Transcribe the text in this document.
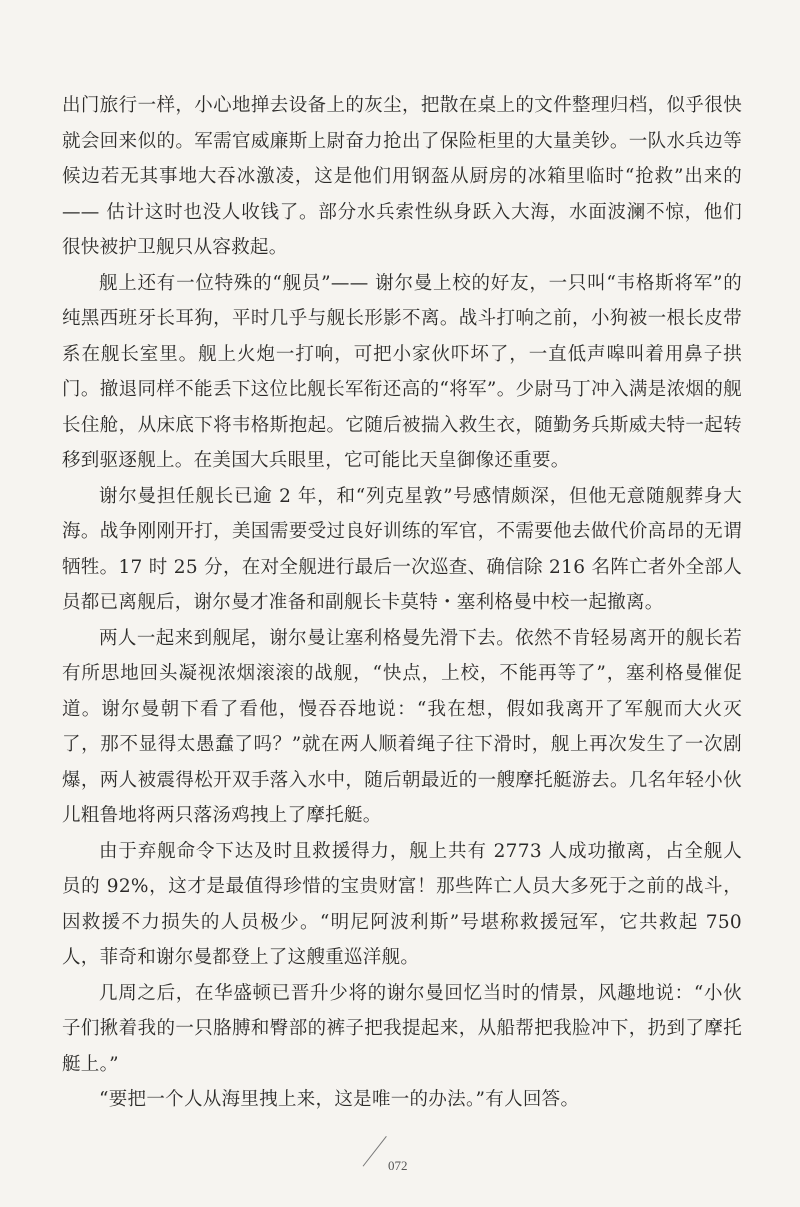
出门旅行一样，小心地掸去设备上的灰尘，把散在桌上的文件整理归档，似乎很快就会回来似的。军需官威廉斯上尉奋力抢出了保险柜里的大量美钞。一队水兵边等候边若无其事地大吞冰激凌，这是他们用钢盔从厨房的冰箱里临时“抢救”出来的—— 估计这时也没人收钱了。部分水兵索性纵身跃入大海，水面波澜不惊，他们很快被护卫舰只从容救起。

舰上还有一位特殊的“舰员”—— 谢尔曼上校的好友，一只叫“韦格斯将军”的纯黑西班牙长耳狗，平时几乎与舰长形影不离。战斗打响之前，小狗被一根长皮带系在舰长室里。舰上火炮一打响，可把小家伙吓坏了，一直低声嗥叫着用鼻子拱门。撤退同样不能丢下这位比舰长军衔还高的“将军”。少尉马丁冲入满是浓烟的舰长住舱，从床底下将韦格斯抱起。它随后被揣入救生衣，随勤务兵斯威夫特一起转移到驱逐舰上。在美国大兵眼里，它可能比天皇御像还重要。

谢尔曼担任舰长已逾 2 年，和“列克星敦”号感情颇深，但他无意随舰葬身大海。战争刚刚开打，美国需要受过良好训练的军官，不需要他去做代价高昂的无谓牺牲。17 时 25 分，在对全舰进行最后一次巡查、确信除 216 名阵亡者外全部人员都已离舰后，谢尔曼才准备和副舰长卡莫特・塞利格曼中校一起撤离。

两人一起来到舰尾，谢尔曼让塞利格曼先滑下去。依然不肯轻易离开的舰长若有所思地回头凝视浓烟滚滚的战舰，“快点，上校，不能再等了”，塞利格曼催促道。谢尔曼朝下看了看他，慢吞吞地说：“我在想，假如我离开了军舰而大火灭了，那不显得太愚蠢了吗？”就在两人顺着绳子往下滑时，舰上再次发生了一次剧爆，两人被震得松开双手落入水中，随后朝最近的一艘摩托艇游去。几名年轻小伙儿粗鲁地将两只落汤鸡拽上了摩托艇。

由于弃舰命令下达及时且救援得力，舰上共有 2773 人成功撤离，占全舰人员的 92%，这才是最值得珍惜的宝贵财富！那些阵亡人员大多死于之前的战斗，因救援不力损失的人员极少。“明尼阿波利斯”号堪称救援冠军，它共救起 750 人，菲奇和谢尔曼都登上了这艘重巡洋舰。

几周之后，在华盛顿已晋升少将的谢尔曼回忆当时的情景，风趣地说：“小伙子们揪着我的一只胳膊和臀部的裤子把我提起来，从船帮把我脸冲下，扔到了摩托艇上。”

“要把一个人从海里拽上来，这是唯一的办法。”有人回答。

072
